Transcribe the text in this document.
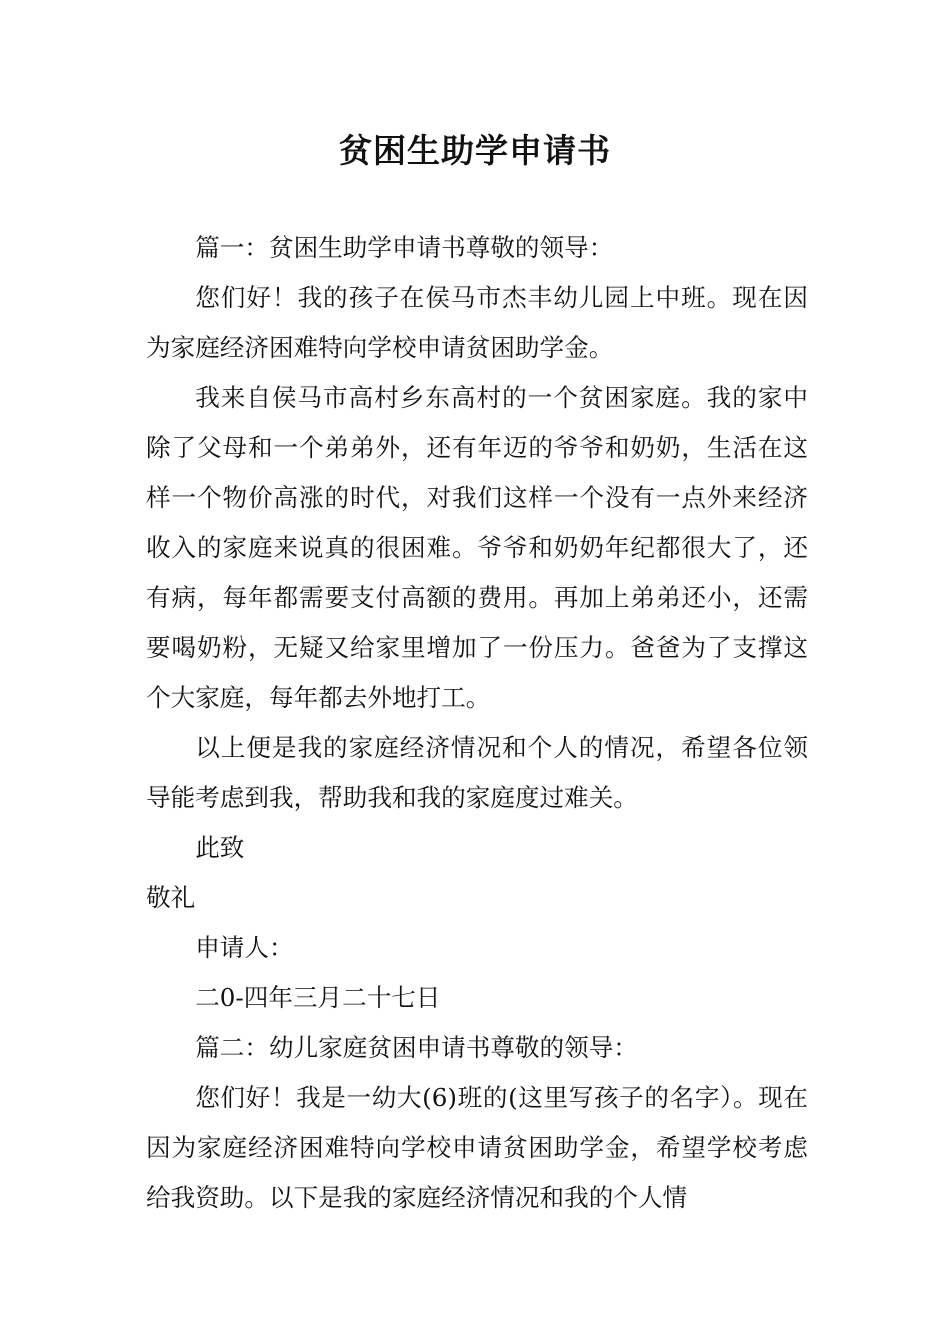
贫困生助学申请书

篇一：贫困生助学申请书尊敬的领导：

您们好！我的孩子在侯马市杰丰幼儿园上中班。现在因为家庭经济困难特向学校申请贫困助学金。

我来自侯马市高村乡东高村的一个贫困家庭。我的家中除了父母和一个弟弟外，还有年迈的爷爷和奶奶，生活在这样一个物价高涨的时代，对我们这样一个没有一点外来经济收入的家庭来说真的很困难。爷爷和奶奶年纪都很大了，还有病，每年都需要支付高额的费用。再加上弟弟还小，还需要喝奶粉，无疑又给家里增加了一份压力。爸爸为了支撑这个大家庭，每年都去外地打工。

以上便是我的家庭经济情况和个人的情况，希望各位领导能考虑到我，帮助我和我的家庭度过难关。

此致

敬礼

申请人：

二0-四年三月二十七日

篇二：幼儿家庭贫困申请书尊敬的领导：

您们好！我是一幼大(6)班的(这里写孩子的名字）。现在因为家庭经济困难特向学校申请贫困助学金，希望学校考虑给我资助。以下是我的家庭经济情况和我的个人情
